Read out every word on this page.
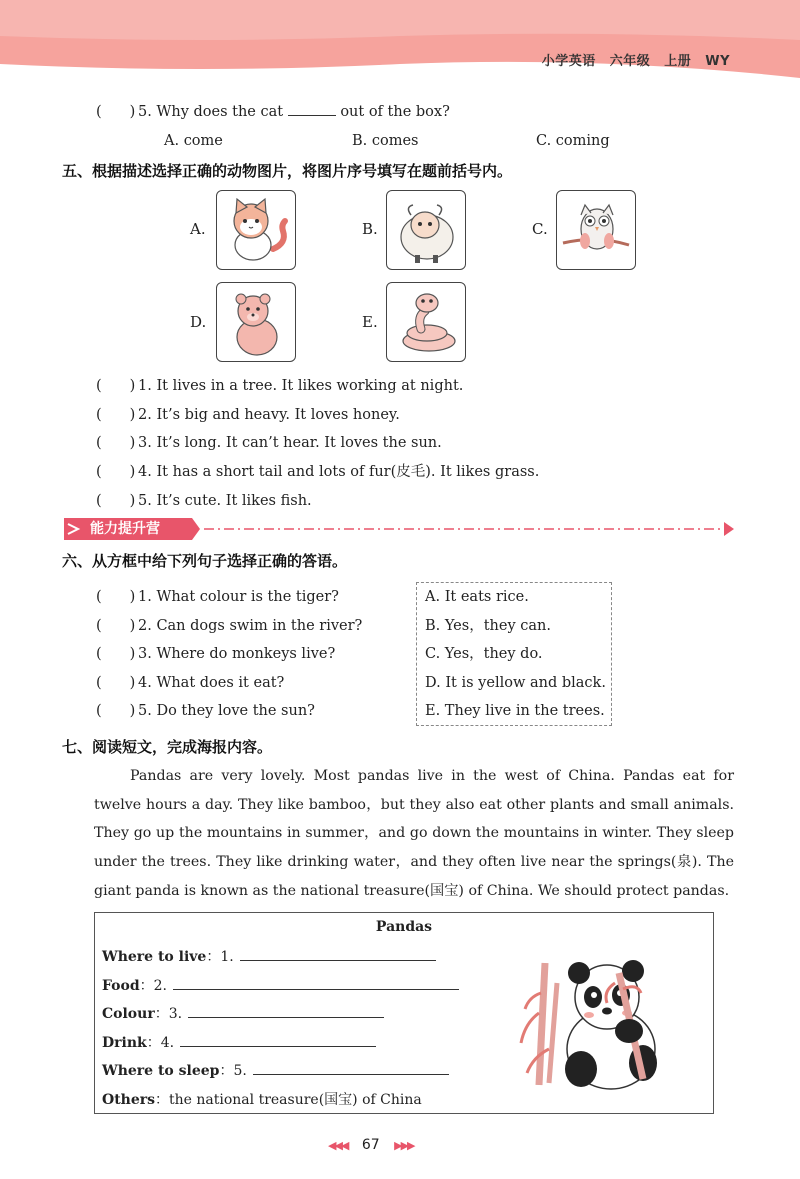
小学英语 六年级 上册 WY
( ) 5. Why does the cat	out of the box?
A. come	B. comes	C. coming
五、根据描述选择正确的动物图片，将图片序号填写在题前括号内。
A.	B.	C.
D.	E.
( ) 1. It lives in a tree. It likes working at night.
( ) 2. It’s big and heavy. It loves honey.
( ) 3. It’s long. It can’t hear. It loves the sun.
( ) 4. It has a short tail and lots of fur(皮毛). It likes grass.
( ) 5. It’s cute. It likes fish.
能力提升营
六、从方框中给下列句子选择正确的答语。
( ) 1. What colour is the tiger?
( ) 2. Can dogs swim in the river?
( ) 3. Where do monkeys live?
( ) 4. What does it eat?
( ) 5. Do they love the sun?
A. It eats rice.
B. Yes，they can.
C. Yes，they do.
D. It is yellow and black.
E. They live in the trees.
七、阅读短文，完成海报内容。

Pandas are very lovely. Most pandas live in the west of China. Pandas eat for twelve hours a day. They like bamboo，but they also eat other plants and small animals. They go up the mountains in summer，and go down the mountains in winter. They sleep under the trees. They like drinking water，and they often live near the springs(泉). The giant panda is known as the national treasure(国宝) of China. We should protect pandas.

Pandas
Where to live：1.
Food：2.
Colour：3.
Drink：4.
Where to sleep：5.
Others：the national treasure(国宝) of China
◀◀◀ 67 ▶▶▶
